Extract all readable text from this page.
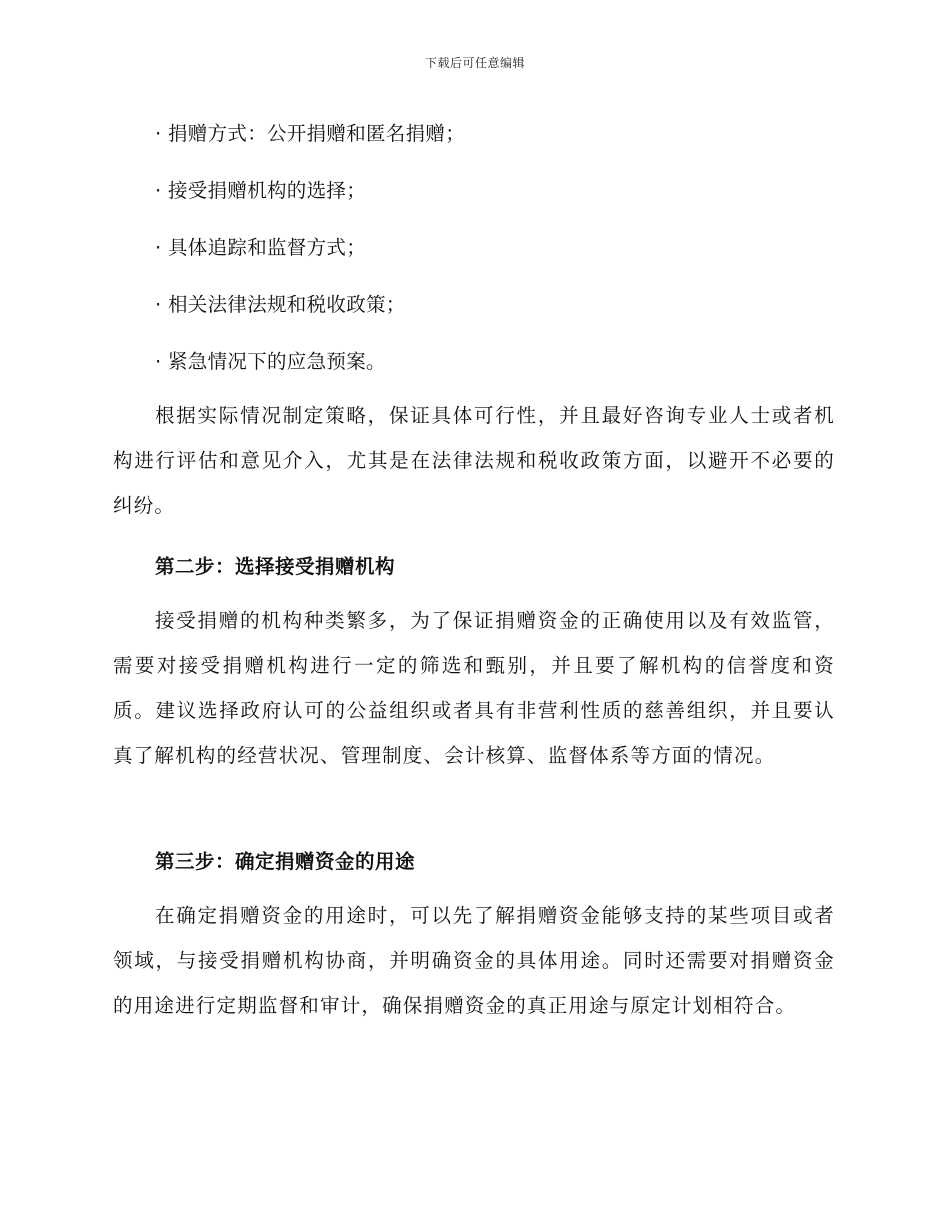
下载后可任意编辑
· 捐赠方式：公开捐赠和匿名捐赠；
· 接受捐赠机构的选择；
· 具体追踪和监督方式；
· 相关法律法规和税收政策；
· 紧急情况下的应急预案。

根据实际情况制定策略，保证具体可行性，并且最好咨询专业人士或者机构进行评估和意见介入，尤其是在法律法规和税收政策方面，以避开不必要的纠纷。

第二步：选择接受捐赠机构

接受捐赠的机构种类繁多，为了保证捐赠资金的正确使用以及有效监管，需要对接受捐赠机构进行一定的筛选和甄别，并且要了解机构的信誉度和资质。建议选择政府认可的公益组织或者具有非营利性质的慈善组织，并且要认真了解机构的经营状况、管理制度、会计核算、监督体系等方面的情况。

第三步：确定捐赠资金的用途

在确定捐赠资金的用途时，可以先了解捐赠资金能够支持的某些项目或者领域，与接受捐赠机构协商，并明确资金的具体用途。同时还需要对捐赠资金的用途进行定期监督和审计，确保捐赠资金的真正用途与原定计划相符合。
